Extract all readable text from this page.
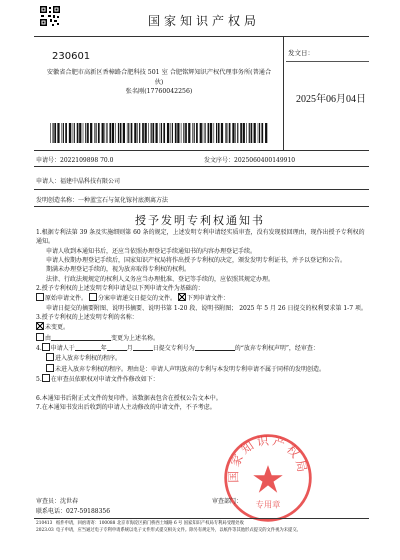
国家知识产权局
230601
安徽省合肥市高新区香樟路合肥科技 501 室 合肥铭辉知识产权代理事务所(普通合伙)
张名刚(17760042256)
发文日：
2025年06月04日
申请号：2022109898 70.0	发文序号：2025060400149910
申请人：福建中晶科技有限公司
发明创造名称：一种蓝宝石与氮化镓衬底测离方法
授予发明专利权通知书

1.根据专利法第 39 条及实施细则第 60 条的规定，上述发明专利申请经实质审查，没有发现驳回理由，现作出授予专利权的通知。

申请人收到本通知书后，还应当依照办理登记手续通知书的内容办理登记手续。

申请人按期办理登记手续后，国家知识产权局将作出授予专利权的决定，颁发发明专利证书，并予以登记和公告。

期满未办理登记手续的，视为放弃取得专利权的权利。

法律、行政法规规定的权利人义务应当办理批准、登记等手续的，应依照其规定办理。

2.授予专利权的上述发明专利申请是以下列申请文件为基础的：

原始申请文件。 分案申请递交日提交的文件。 下列申请文件：

申请日提交的摘要附图、说明书摘要、说明书第 1-20 段、说明书附图； 2025 年 5 月 26 日提交的权利要求第 1-7 项。

3.授予专利权的上述发明专利的名称：

未变更。

由	变更为上述名称。

4. 申请人于	年	月	日提交专利号为	的“放弃专利权声明”，经审查：

进入放弃专利权的程序。

未进入放弃专利权的程序。理由是：申请人声明放弃的专利与本发明专利申请不属于同样的发明创造。

5. 在审查员依职权对申请文件作修改如下：

6.本通知书后附正式文件的复印件。该数据表包含在授权公告文本中。

7.在本通知书发出后收到的申请人主动修改的申请文件，不予考虑。

国家知识产权局
专用章
审查员：沈世春
联系电话：027-59188356
审查部门：
210413 纸件申请，回函请寄：100088 北京市海淀区蓟门桥西土城路 6 号 国家知识产权局专利局受理处收
2023.03 电子申请，应当通过电子专利申请系统以电子文件形式提交相关文件。除另有规定外，以纸件等其他形式提交的文件视为未提交。
